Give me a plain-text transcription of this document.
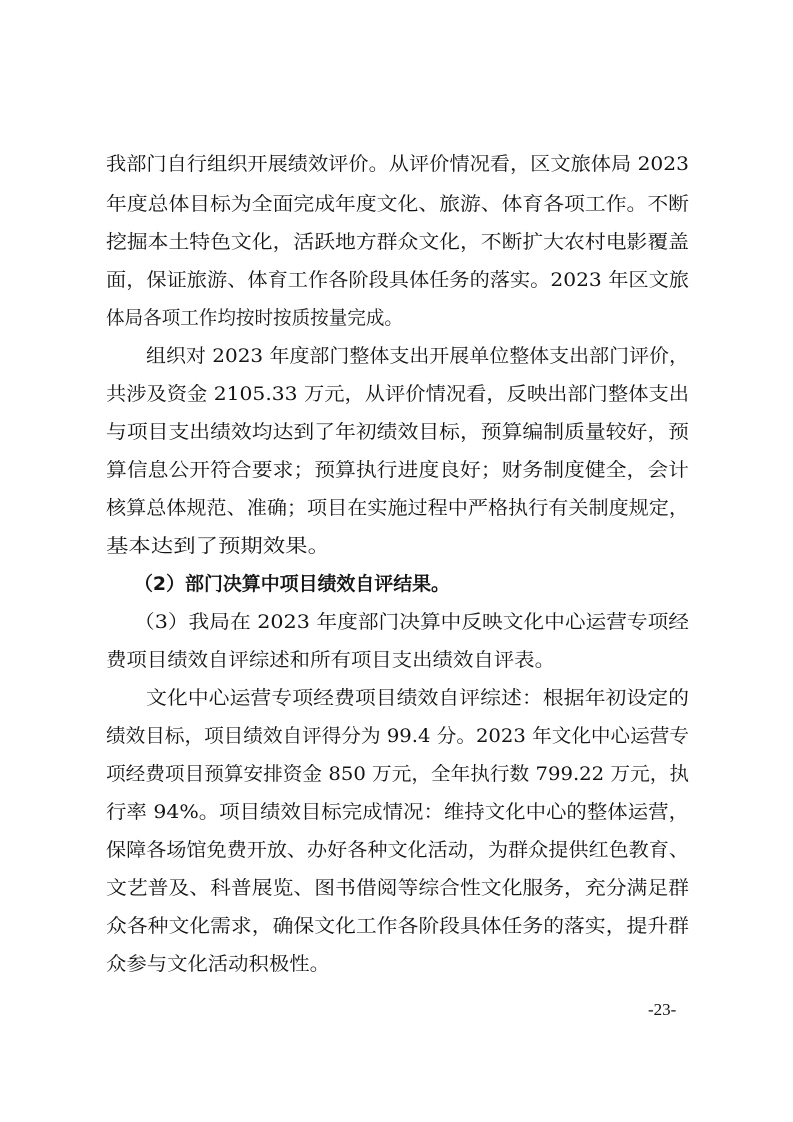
我部门自行组织开展绩效评价。从评价情况看，区文旅体局 2023

年度总体目标为全面完成年度文化、旅游、体育各项工作。不断

挖掘本土特色文化，活跃地方群众文化，不断扩大农村电影覆盖

面，保证旅游、体育工作各阶段具体任务的落实。2023 年区文旅

体局各项工作均按时按质按量完成。

组织对 2023 年度部门整体支出开展单位整体支出部门评价，

共涉及资金 2105.33 万元，从评价情况看，反映出部门整体支出

与项目支出绩效均达到了年初绩效目标，预算编制质量较好，预

算信息公开符合要求；预算执行进度良好；财务制度健全，会计

核算总体规范、准确；项目在实施过程中严格执行有关制度规定，

基本达到了预期效果。

（2）部门决算中项目绩效自评结果。

（3）我局在 2023 年度部门决算中反映文化中心运营专项经

费项目绩效自评综述和所有项目支出绩效自评表。

文化中心运营专项经费项目绩效自评综述：根据年初设定的

绩效目标，项目绩效自评得分为 99.4 分。2023 年文化中心运营专

项经费项目预算安排资金 850 万元，全年执行数 799.22 万元，执

行率 94%。项目绩效目标完成情况：维持文化中心的整体运营，

保障各场馆免费开放、办好各种文化活动，为群众提供红色教育、

文艺普及、科普展览、图书借阅等综合性文化服务，充分满足群

众各种文化需求，确保文化工作各阶段具体任务的落实，提升群

众参与文化活动积极性。

-23-
